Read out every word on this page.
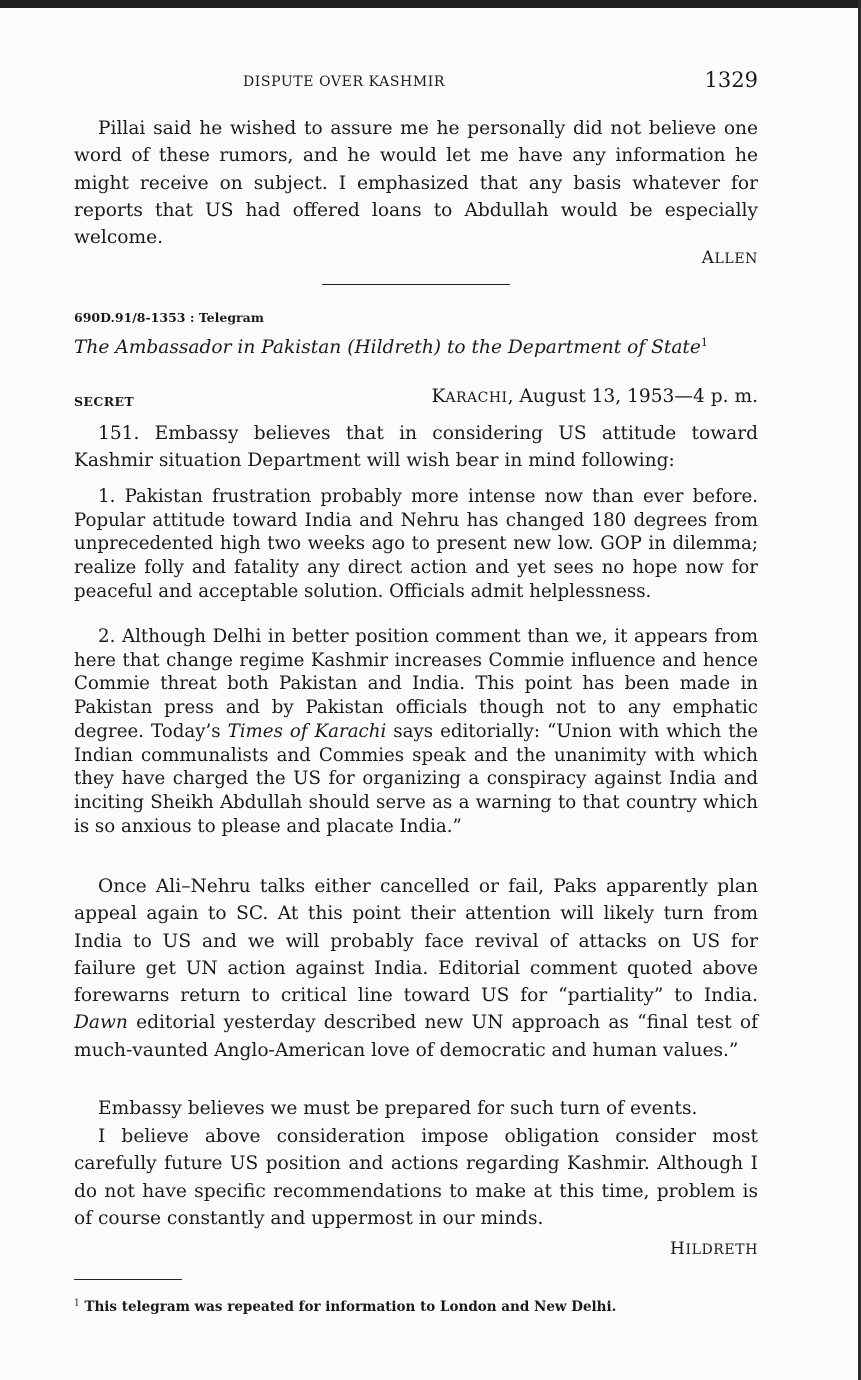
DISPUTE OVER KASHMIR	1329

Pillai said he wished to assure me he personally did not believe one word of these rumors, and he would let me have any information he might receive on subject. I emphasized that any basis whatever for reports that US had offered loans to Abdullah would be especially welcome.

ALLEN
690D.91/8-1353 : Telegram
The Ambassador in Pakistan (Hildreth) to the Department of State$^1$
SECRET	KARACHI, August 13, 1953—4 p. m.

151. Embassy believes that in considering US attitude toward Kashmir situation Department will wish bear in mind following:

1. Pakistan frustration probably more intense now than ever before. Popular attitude toward India and Nehru has changed 180 degrees from unprecedented high two weeks ago to present new low. GOP in dilemma; realize folly and fatality any direct action and yet sees no hope now for peaceful and acceptable solution. Officials admit helplessness.

2. Although Delhi in better position comment than we, it appears from here that change regime Kashmir increases Commie influence and hence Commie threat both Pakistan and India. This point has been made in Pakistan press and by Pakistan officials though not to any emphatic degree. Today’s Times of Karachi says editorially: “Union with which the Indian communalists and Commies speak and the unanimity with which they have charged the US for organizing a conspiracy against India and inciting Sheikh Abdullah should serve as a warning to that country which is so anxious to please and placate India.”

Once Ali–Nehru talks either cancelled or fail, Paks apparently plan appeal again to SC. At this point their attention will likely turn from India to US and we will probably face revival of attacks on US for failure get UN action against India. Editorial comment quoted above forewarns return to critical line toward US for “partiality” to India. Dawn editorial yesterday described new UN approach as “final test of much-vaunted Anglo-American love of democratic and human values.”

Embassy believes we must be prepared for such turn of events.

I believe above consideration impose obligation consider most carefully future US position and actions regarding Kashmir. Although I do not have specific recommendations to make at this time, problem is of course constantly and uppermost in our minds.

HILDRETH
$^1$ This telegram was repeated for information to London and New Delhi.
